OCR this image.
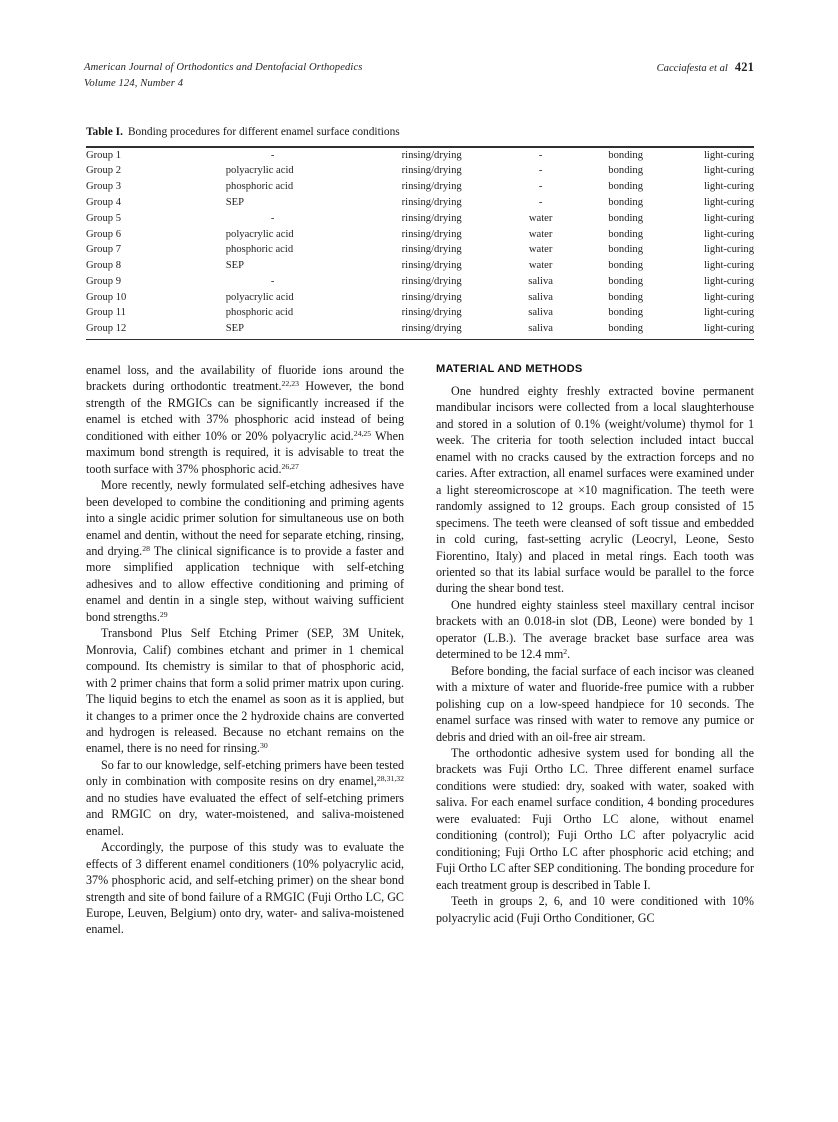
American Journal of Orthodontics and Dentofacial Orthopedics
Volume 124, Number 4
Cacciafesta et al 421
Table I. Bonding procedures for different enamel surface conditions
Group 1	-	rinsing/drying	-	bonding	light-curing
Group 2	polyacrylic acid	rinsing/drying	-	bonding	light-curing
Group 3	phosphoric acid	rinsing/drying	-	bonding	light-curing
Group 4	SEP	rinsing/drying	-	bonding	light-curing
Group 5	-	rinsing/drying	water	bonding	light-curing
Group 6	polyacrylic acid	rinsing/drying	water	bonding	light-curing
Group 7	phosphoric acid	rinsing/drying	water	bonding	light-curing
Group 8	SEP	rinsing/drying	water	bonding	light-curing
Group 9	-	rinsing/drying	saliva	bonding	light-curing
Group 10	polyacrylic acid	rinsing/drying	saliva	bonding	light-curing
Group 11	phosphoric acid	rinsing/drying	saliva	bonding	light-curing
Group 12	SEP	rinsing/drying	saliva	bonding	light-curing

enamel loss, and the availability of fluoride ions around the brackets during orthodontic treatment.$^{22,23}$ However, the bond strength of the RMGICs can be significantly increased if the enamel is etched with 37% phosphoric acid instead of being conditioned with either 10% or 20% polyacrylic acid.$^{24,25}$ When maximum bond strength is required, it is advisable to treat the tooth surface with 37% phosphoric acid.$^{26,27}$

More recently, newly formulated self-etching adhesives have been developed to combine the conditioning and priming agents into a single acidic primer solution for simultaneous use on both enamel and dentin, without the need for separate etching, rinsing, and drying.$^{28}$ The clinical significance is to provide a faster and more simplified application technique with self-etching adhesives and to allow effective conditioning and priming of enamel and dentin in a single step, without waiving sufficient bond strengths.$^{29}$

Transbond Plus Self Etching Primer (SEP, 3M Unitek, Monrovia, Calif) combines etchant and primer in 1 chemical compound. Its chemistry is similar to that of phosphoric acid, with 2 primer chains that form a solid primer matrix upon curing. The liquid begins to etch the enamel as soon as it is applied, but it changes to a primer once the 2 hydroxide chains are converted and hydrogen is released. Because no etchant remains on the enamel, there is no need for rinsing.$^{30}$

So far to our knowledge, self-etching primers have been tested only in combination with composite resins on dry enamel,$^{28,31,32}$ and no studies have evaluated the effect of self-etching primers and RMGIC on dry, water-moistened, and saliva-moistened enamel.

Accordingly, the purpose of this study was to evaluate the effects of 3 different enamel conditioners (10% polyacrylic acid, 37% phosphoric acid, and self-etching primer) on the shear bond strength and site of bond failure of a RMGIC (Fuji Ortho LC, GC Europe, Leuven, Belgium) onto dry, water- and saliva-moistened enamel.

MATERIAL AND METHODS

One hundred eighty freshly extracted bovine permanent mandibular incisors were collected from a local slaughterhouse and stored in a solution of 0.1% (weight/volume) thymol for 1 week. The criteria for tooth selection included intact buccal enamel with no cracks caused by the extraction forceps and no caries. After extraction, all enamel surfaces were examined under a light stereomicroscope at ×10 magnification. The teeth were randomly assigned to 12 groups. Each group consisted of 15 specimens. The teeth were cleansed of soft tissue and embedded in cold curing, fast-setting acrylic (Leocryl, Leone, Sesto Fiorentino, Italy) and placed in metal rings. Each tooth was oriented so that its labial surface would be parallel to the force during the shear bond test.

One hundred eighty stainless steel maxillary central incisor brackets with an 0.018-in slot (DB, Leone) were bonded by 1 operator (L.B.). The average bracket base surface area was determined to be 12.4 $mm^2$.

Before bonding, the facial surface of each incisor was cleaned with a mixture of water and fluoride-free pumice with a rubber polishing cup on a low-speed handpiece for 10 seconds. The enamel surface was rinsed with water to remove any pumice or debris and dried with an oil-free air stream.

The orthodontic adhesive system used for bonding all the brackets was Fuji Ortho LC. Three different enamel surface conditions were studied: dry, soaked with water, soaked with saliva. For each enamel surface condition, 4 bonding procedures were evaluated: Fuji Ortho LC alone, without enamel conditioning (control); Fuji Ortho LC after polyacrylic acid conditioning; Fuji Ortho LC after phosphoric acid etching; and Fuji Ortho LC after SEP conditioning. The bonding procedure for each treatment group is described in Table I.

Teeth in groups 2, 6, and 10 were conditioned with 10% polyacrylic acid (Fuji Ortho Conditioner, GC
